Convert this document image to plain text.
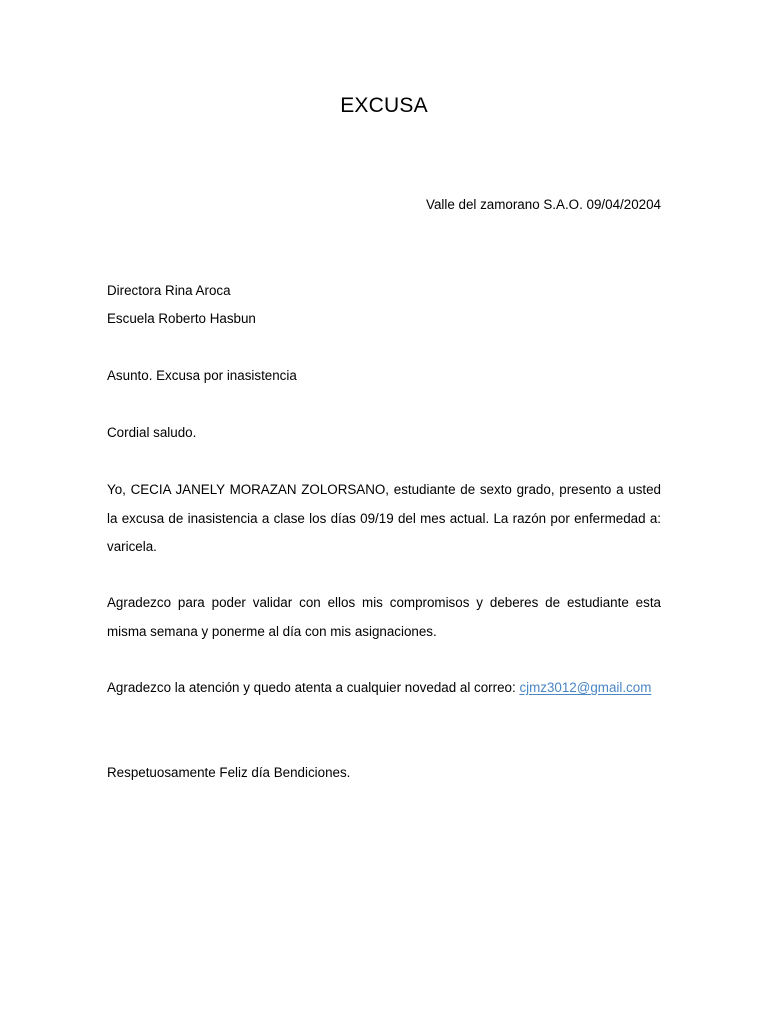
EXCUSA
Valle del zamorano S.A.O. 09/04/20204
Directora Rina Aroca
Escuela Roberto Hasbun
Asunto. Excusa por inasistencia
Cordial saludo.
Yo, CECIA JANELY MORAZAN ZOLORSANO, estudiante de sexto grado, presento a usted la excusa de inasistencia a clase los días 09/19 del mes actual. La razón por enfermedad a: varicela.
Agradezco para poder validar con ellos mis compromisos y deberes de estudiante esta misma semana y ponerme al día con mis asignaciones.
Agradezco la atención y quedo atenta a cualquier novedad al correo: cjmz3012@gmail.com
Respetuosamente Feliz día Bendiciones.
